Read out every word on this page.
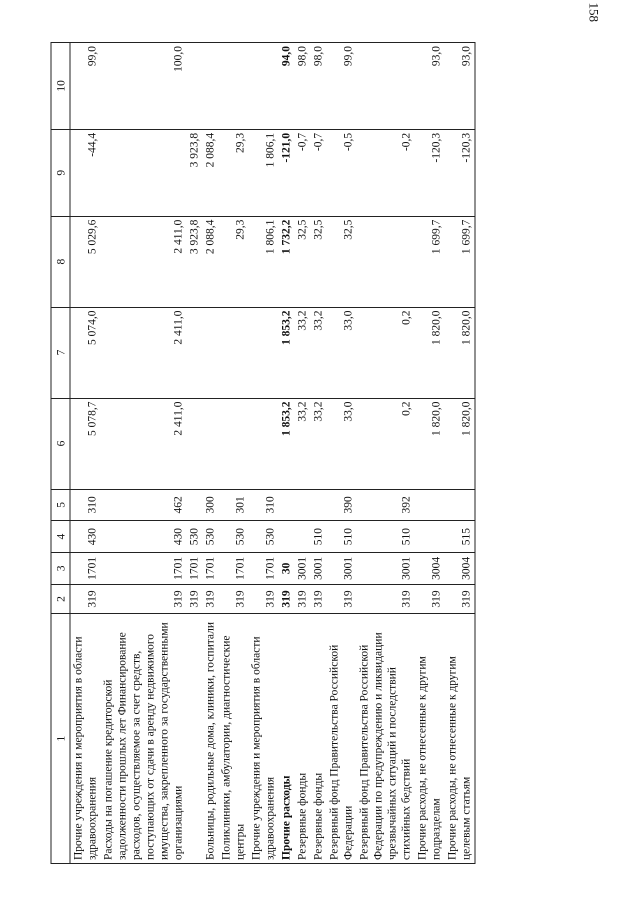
158
1	2	3	4	5	6	7	8	9	10
Прочие учреждения и мероприятия в области здравоохранения	319	1701	430	310	5 078,7	5 074,0	5 029,6	-44,4	99,0
Расходы на погашение кредиторской задолженности прошлых лет Финансирование расходов, осуществляемое за счет средств, поступающих от сдачи в аренду недвижимого имущества, закрепленного за государственными организациями	319	1701	430	462	2 411,0	2 411,0	2 411,0		100,0
	319	1701	530				3 923,8	3 923,8	
Больницы, родильные дома, клиники, госпитали	319	1701	530	300			2 088,4	2 088,4	
Поликлиники, амбулатории, диагностические центры	319	1701	530	301			29,3	29,3	
Прочие учреждения и мероприятия в области здравоохранения	319	1701	530	310			1 806,1	1 806,1	
Прочие расходы	319	30			1 853,2	1 853,2	1 732,2	-121,0	94,0
Резервные фонды	319	3001			33,2	33,2	32,5	-0,7	98,0
Резервные фонды	319	3001	510		33,2	33,2	32,5	-0,7	98,0
Резервный фонд Правительства Российской Федерации	319	3001	510	390	33,0	33,0	32,5	-0,5	99,0
Резервный фонд Правительства Российской Федерации по предупреждению и ликвидации чрезвычайных ситуаций и последствий стихийных бедствий	319	3001	510	392	0,2	0,2		-0,2	
Прочие расходы, не отнесенные к другим подразделам	319	3004			1 820,0	1 820,0	1 699,7	-120,3	93,0
Прочие расходы, не отнесенные к другим целевым статьям	319	3004	515		1 820,0	1 820,0	1 699,7	-120,3	93,0
